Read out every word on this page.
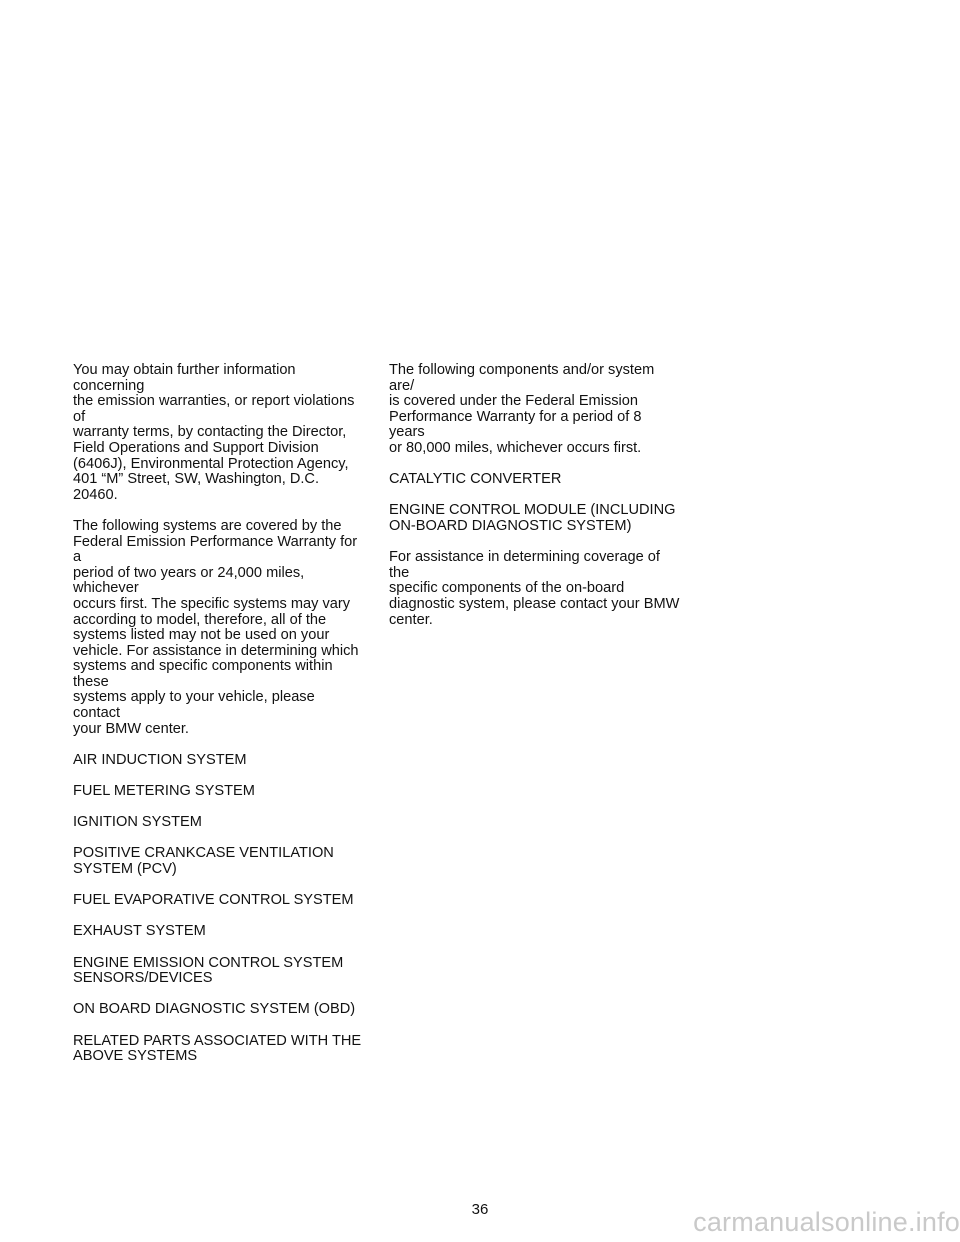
You may obtain further information concerning
the emission warranties, or report violations of
warranty terms, by contacting the Director,
Field Operations and Support Division
(6406J), Environmental Protection Agency,
401 “M” Street, SW, Washington, D.C. 20460.

The following systems are covered by the
Federal Emission Performance Warranty for a
period of two years or 24,000 miles, whichever
occurs first. The specific systems may vary
according to model, therefore, all of the
systems listed may not be used on your
vehicle. For assistance in determining which
systems and specific components within these
systems apply to your vehicle, please contact
your BMW center.

AIR INDUCTION SYSTEM

FUEL METERING SYSTEM

IGNITION SYSTEM

POSITIVE CRANKCASE VENTILATION
SYSTEM (PCV)

FUEL EVAPORATIVE CONTROL SYSTEM

EXHAUST SYSTEM

ENGINE EMISSION CONTROL SYSTEM
SENSORS/DEVICES

ON BOARD DIAGNOSTIC SYSTEM (OBD)

RELATED PARTS ASSOCIATED WITH THE
ABOVE SYSTEMS

The following components and/or system are/
is covered under the Federal Emission
Performance Warranty for a period of 8 years
or 80,000 miles, whichever occurs first.

CATALYTIC CONVERTER

ENGINE CONTROL MODULE (INCLUDING
ON-BOARD DIAGNOSTIC SYSTEM)

For assistance in determining coverage of the
specific components of the on-board
diagnostic system, please contact your BMW
center.

36	carmanualsonline.info
